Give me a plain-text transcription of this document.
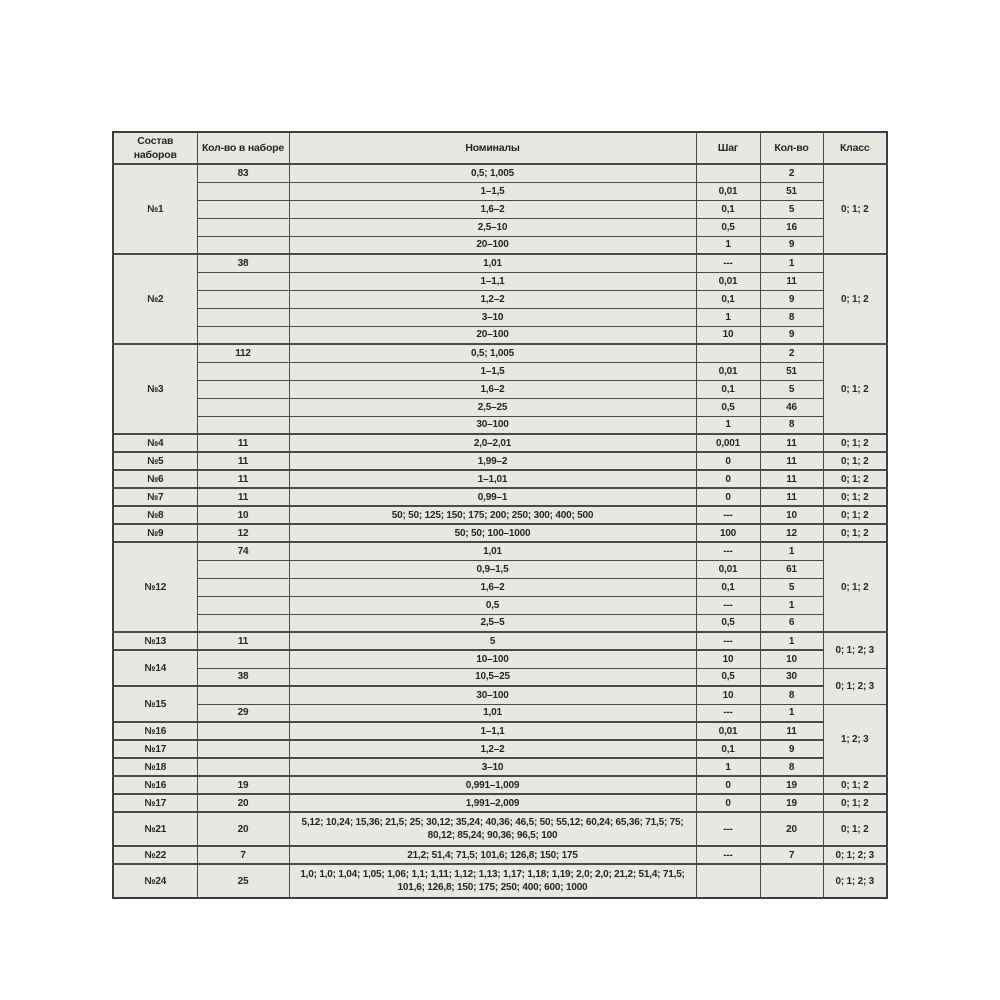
Состав наборов	Кол-во в наборе	Номиналы	Шаг	Кол-во	Класс
№1	83	0,5; 1,005		2	0; 1; 2
		1–1,5	0,01	51	
		1,6–2	0,1	5	
		2,5–10	0,5	16	
		20–100	1	9	
№2	38	1,01	---	1	0; 1; 2
		1–1,1	0,01	11	
		1,2–2	0,1	9	
		3–10	1	8	
		20–100	10	9	
№3	112	0,5; 1,005		2	0; 1; 2
		1–1,5	0,01	51	
		1,6–2	0,1	5	
		2,5–25	0,5	46	
		30–100	1	8	
№4	11	2,0–2,01	0,001	11	0; 1; 2
№5	11	1,99–2	0	11	0; 1; 2
№6	11	1–1,01	0	11	0; 1; 2
№7	11	0,99–1	0	11	0; 1; 2
№8	10	50; 50; 125; 150; 175; 200; 250; 300; 400; 500	---	10	0; 1; 2
№9	12	50; 50; 100–1000	100	12	0; 1; 2
№12	74	1,01	---	1	0; 1; 2
		0,9–1,5	0,01	61	
		1,6–2	0,1	5	
		0,5	---	1	
		2,5–5	0,5	6	
№13	11	5	---	1	0; 1; 2; 3
№14		10–100	10	10	
	38	10,5–25	0,5	30	0; 1; 2; 3
№15		30–100	10	8	
	29	1,01	---	1	1; 2; 3
№16		1–1,1	0,01	11	
№17		1,2–2	0,1	9	
№18		3–10	1	8	
№16	19	0,991–1,009	0	19	0; 1; 2
№17	20	1,991–2,009	0	19	0; 1; 2
№21	20	5,12; 10,24; 15,36; 21,5; 25; 30,12; 35,24; 40,36; 46,5; 50; 55,12; 60,24; 65,36; 71,5; 75; 80,12; 85,24; 90,36; 96,5; 100	---	20	0; 1; 2
№22	7	21,2; 51,4; 71,5; 101,6; 126,8; 150; 175	---	7	0; 1; 2; 3
№24	25	1,0; 1,0; 1,04; 1,05; 1,06; 1,1; 1,11; 1,12; 1,13; 1,17; 1,18; 1,19; 2,0; 2,0; 21,2; 51,4; 71,5; 101,6; 126,8; 150; 175; 250; 400; 600; 1000			0; 1; 2; 3
